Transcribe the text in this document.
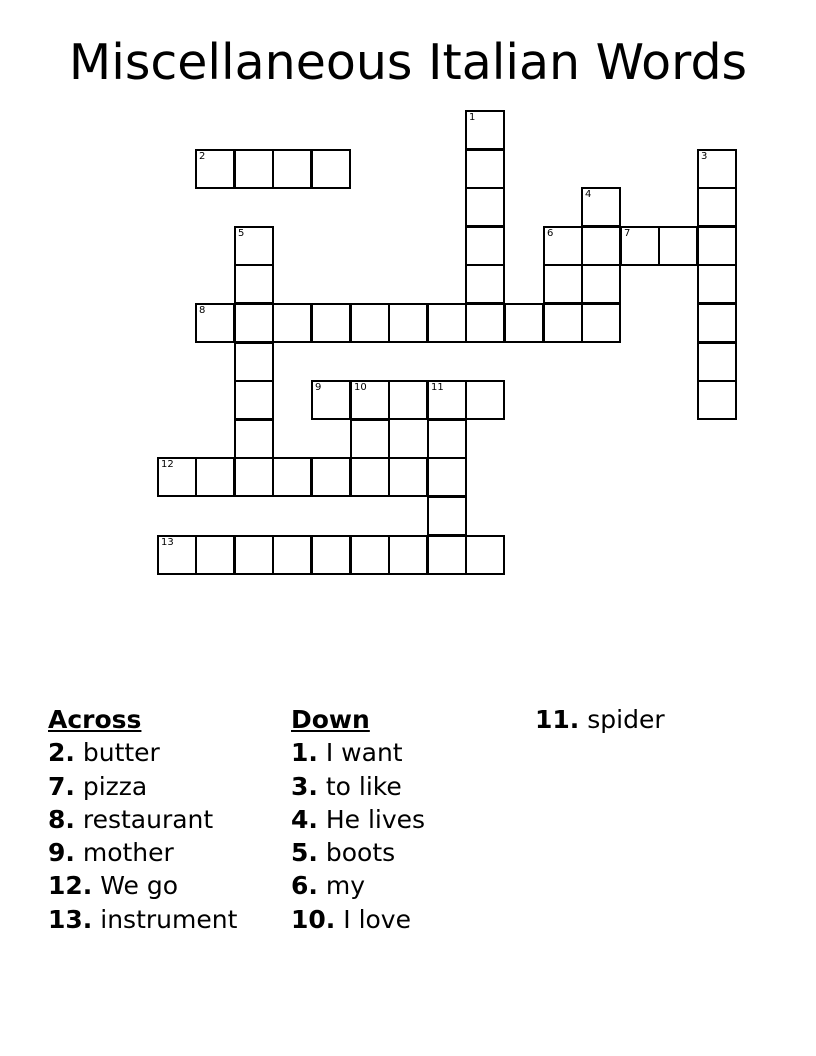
Miscellaneous Italian Words
1
2	3
4
5	6	7
8
9	10	11
12
13
Across
2. butter
7. pizza
8. restaurant
9. mother
12. We go
13. instrument
Down
1. I want
3. to like
4. He lives
5. boots
6. my
10. I love
11. spider
